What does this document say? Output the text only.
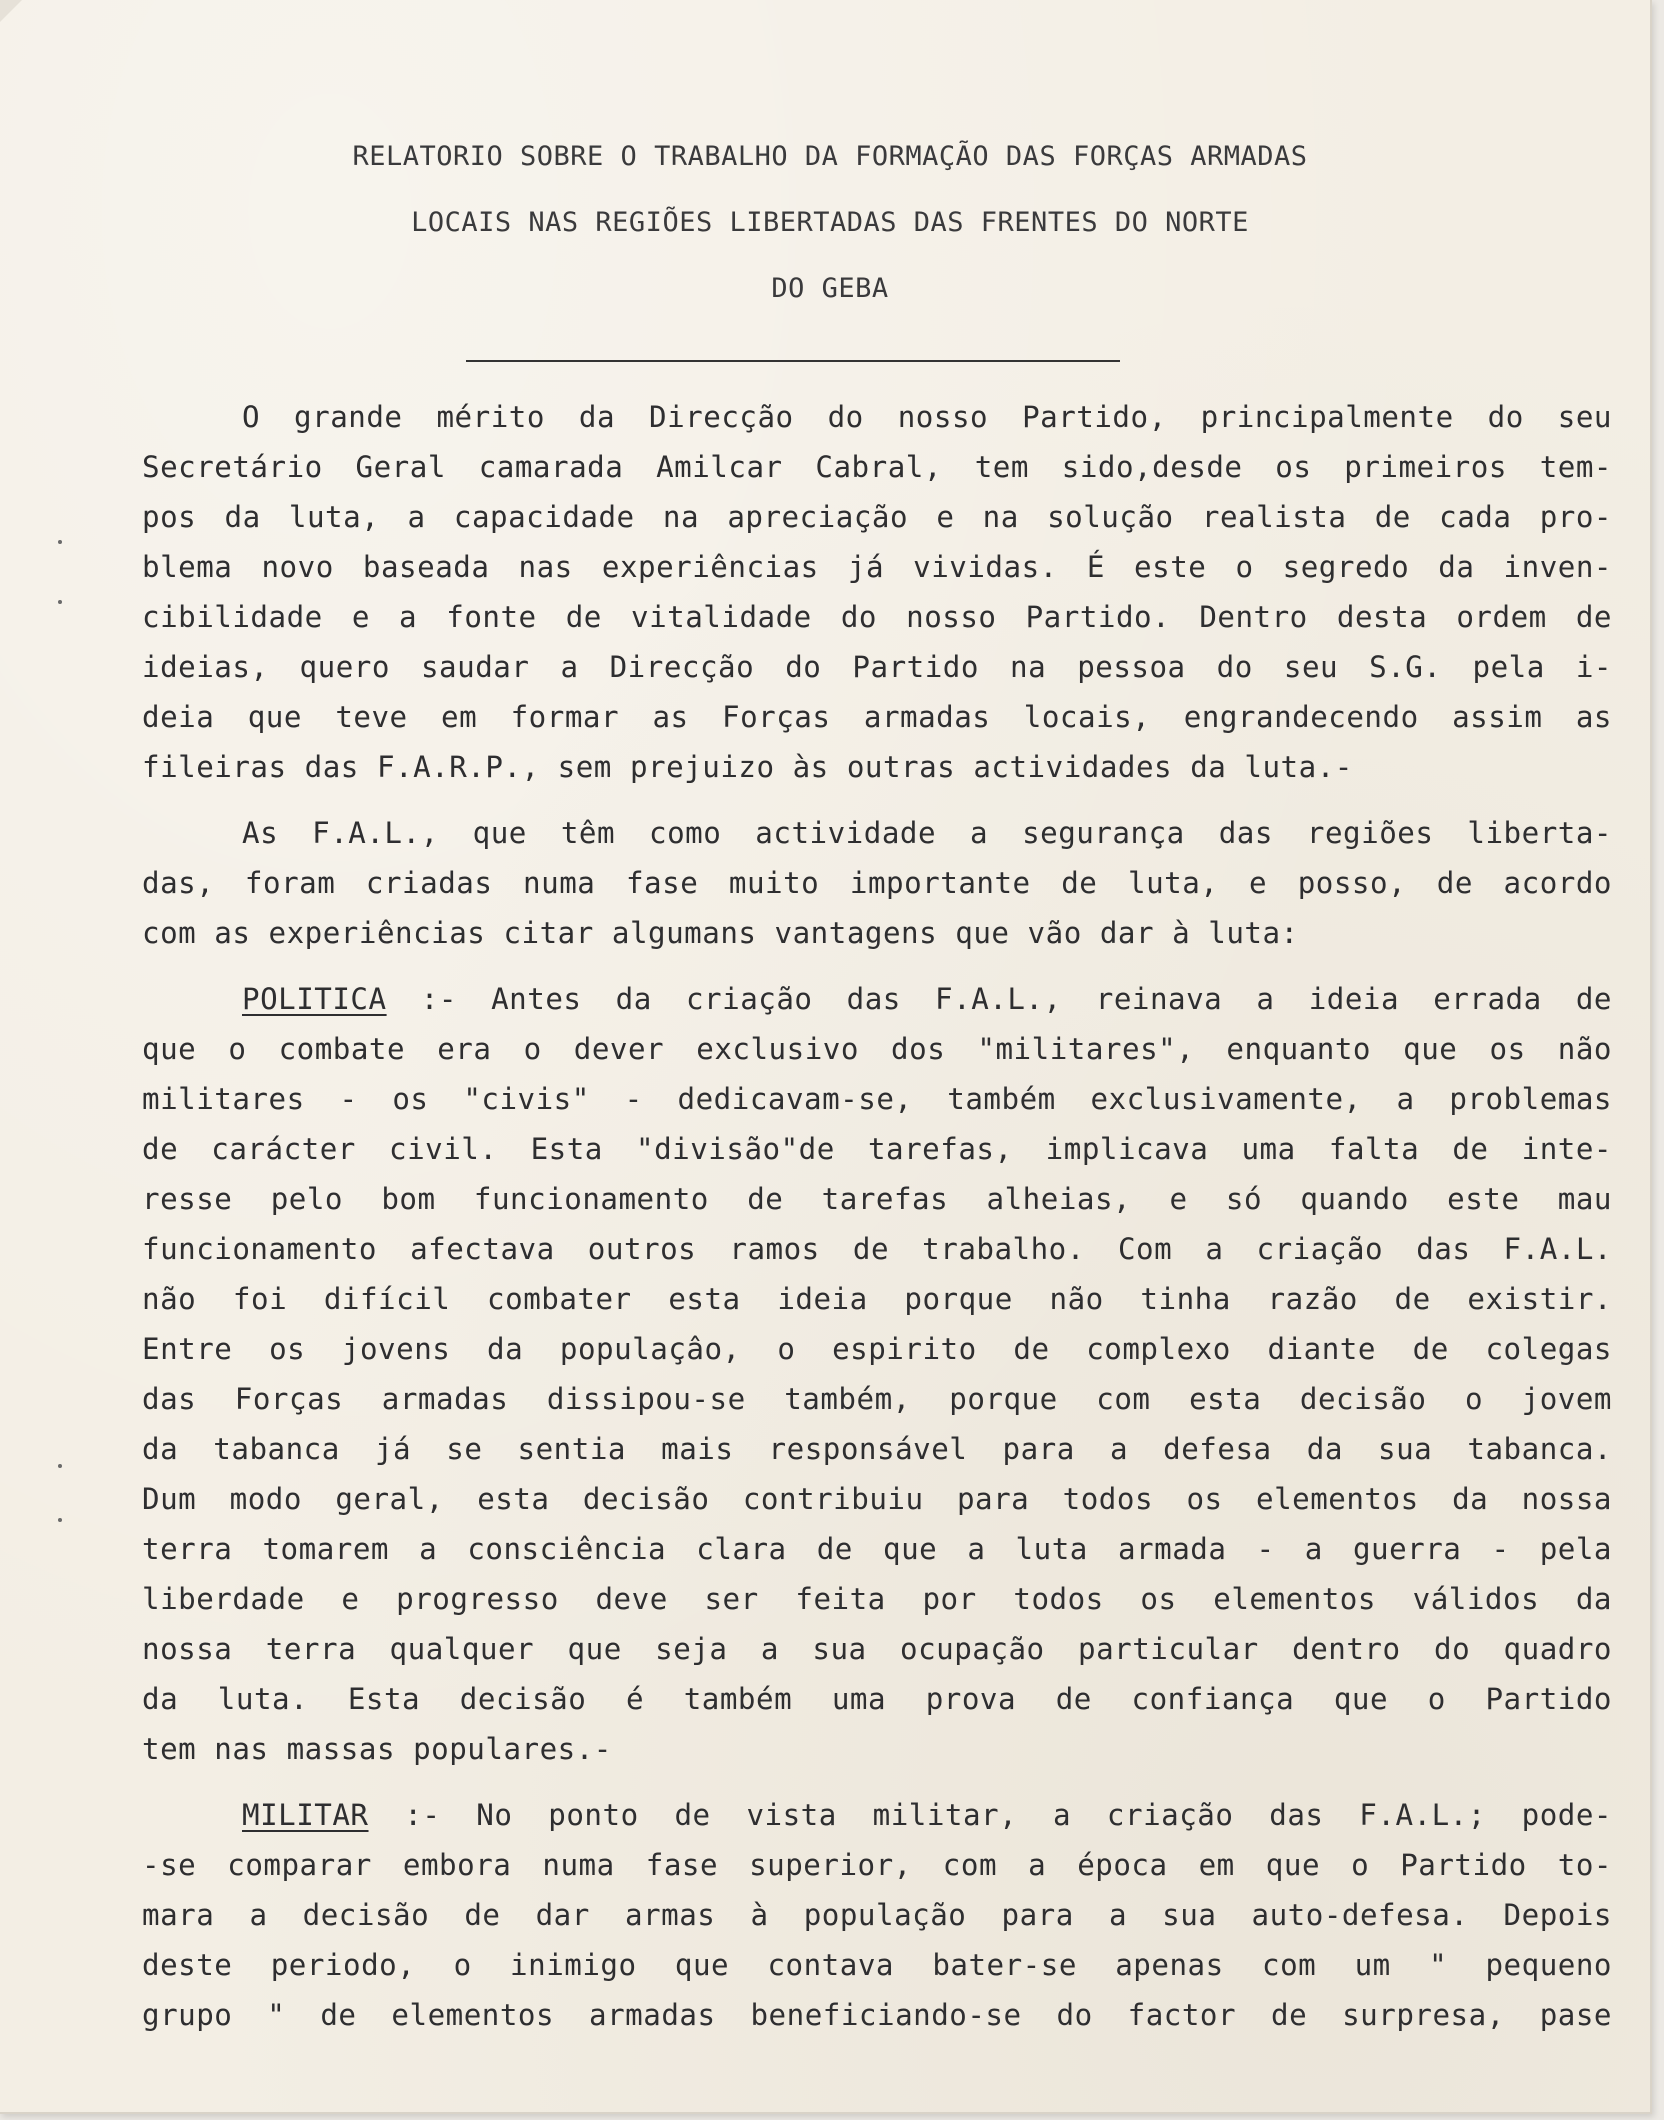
RELATORIO SOBRE O TRABALHO DA FORMAÇÃO DAS FORÇAS ARMADAS
LOCAIS NAS REGIÕES LIBERTADAS DAS FRENTES DO NORTE
DO GEBA
O grande mérito da Direcção do nosso Partido, principalmente do seu
Secretário Geral camarada Amilcar Cabral, tem sido,desde os primeiros tem-
pos da luta, a capacidade na apreciação e na solução realista de cada pro-
blema novo baseada nas experiências já vividas. É este o segredo da inven-
cibilidade e a fonte de vitalidade do nosso Partido. Dentro desta ordem de
ideias, quero saudar a Direcção do Partido na pessoa do seu S.G. pela i-
deia que teve em formar as Forças armadas locais, engrandecendo assim as
fileiras das F.A.R.P., sem prejuizo às outras actividades da luta.-
As F.A.L., que têm como actividade a segurança das regiões liberta-
das, foram criadas numa fase muito importante de luta, e posso, de acordo
com as experiências citar algumans vantagens que vão dar à luta:
POLITICA :- Antes da criação das F.A.L., reinava a ideia errada de
que o combate era o dever exclusivo dos "militares", enquanto que os não
militares - os "civis" - dedicavam-se, também exclusivamente, a problemas
de carácter civil. Esta "divisão"de tarefas, implicava uma falta de inte-
resse pelo bom funcionamento de tarefas alheias, e só quando este mau
funcionamento afectava outros ramos de trabalho. Com a criação das F.A.L.
não foi difícil combater esta ideia porque não tinha razão de existir.
Entre os jovens da populaçâo, o espirito de complexo diante de colegas
das Forças armadas dissipou-se também, porque com esta decisão o jovem
da tabanca já se sentia mais responsável para a defesa da sua tabanca.
Dum modo geral, esta decisão contribuiu para todos os elementos da nossa
terra tomarem a consciência clara de que a luta armada - a guerra - pela
liberdade e progresso deve ser feita por todos os elementos válidos da
nossa terra qualquer que seja a sua ocupação particular dentro do quadro
da luta. Esta decisão é também uma prova de confiança que o Partido
tem nas massas populares.-
MILITAR :- No ponto de vista militar, a criação das F.A.L.; pode-
-se comparar embora numa fase superior, com a época em que o Partido to-
mara a decisão de dar armas à população para a sua auto-defesa. Depois
deste periodo, o inimigo que contava bater-se apenas com um " pequeno
grupo " de elementos armadas beneficiando-se do factor de surpresa, pase
